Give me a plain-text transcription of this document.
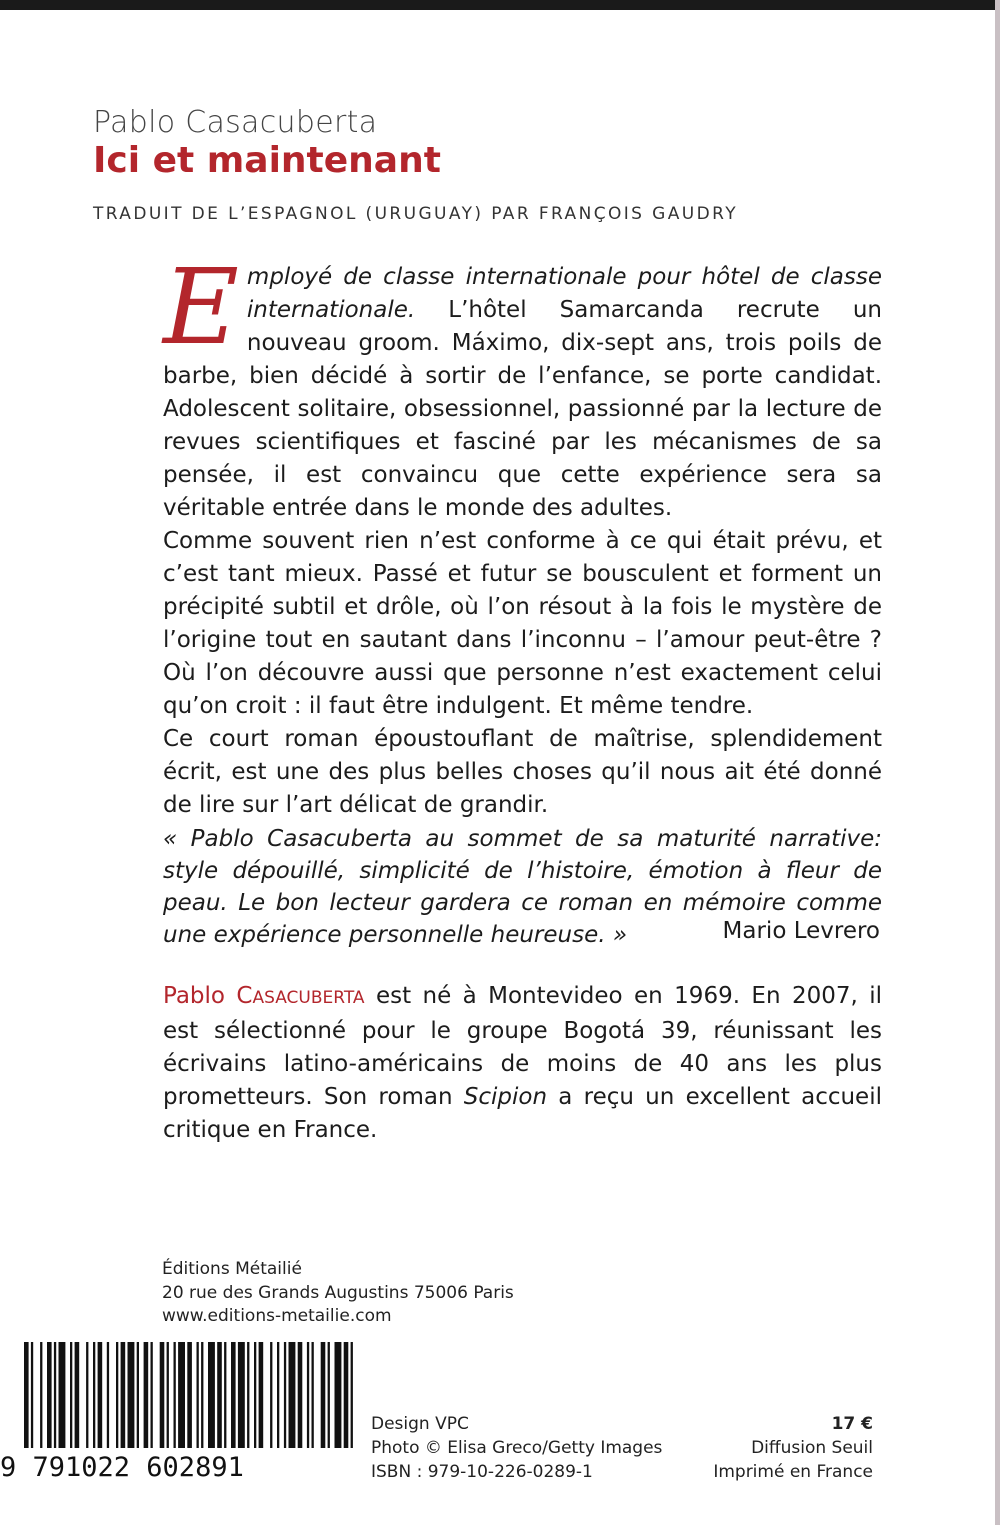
Pablo Casacuberta
Ici et maintenant
TRADUIT DE L’ESPAGNOL (URUGUAY) PAR FRANÇOIS GAUDRY

Employé de classe internationale pour hôtel de classe internationale. L’hôtel Samarcanda recrute un nouveau groom. Máximo, dix-sept ans, trois poils de barbe, bien décidé à sortir de l’enfance, se porte candidat. Adolescent solitaire, obsessionnel, passionné par la lecture de revues scientifiques et fasciné par les mécanismes de sa pensée, il est convaincu que cette expérience sera sa véritable entrée dans le monde des adultes.

Comme souvent rien n’est conforme à ce qui était prévu, et c’est tant mieux. Passé et futur se bousculent et forment un précipité subtil et drôle, où l’on résout à la fois le mystère de l’origine tout en sautant dans l’inconnu – l’amour peut-être ? Où l’on découvre aussi que personne n’est exactement celui qu’on croit : il faut être indulgent. Et même tendre.

Ce court roman époustouflant de maîtrise, splendidement écrit, est une des plus belles choses qu’il nous ait été donné de lire sur l’art délicat de grandir.

« Pablo Casacuberta au sommet de sa maturité narrative: style dépouillé, simplicité de l’histoire, émotion à fleur de peau. Le bon lecteur gardera ce roman en mémoire comme une expérience personnelle heureuse. »	Mario Levrero
Pablo CASACUBERTA est né à Montevideo en 1969. En 2007, il est sélectionné pour le groupe Bogotá 39, réunissant les écrivains latino-américains de moins de 40 ans les plus prometteurs. Son roman Scipion a reçu un excellent accueil critique en France.
Éditions Métailié
20 rue des Grands Augustins 75006 Paris
www.editions-metailie.com
9 791022 602891
Design VPC
Photo © Elisa Greco/Getty Images
ISBN : 979-10-226-0289-1
17 €
Diffusion Seuil
Imprimé en France
